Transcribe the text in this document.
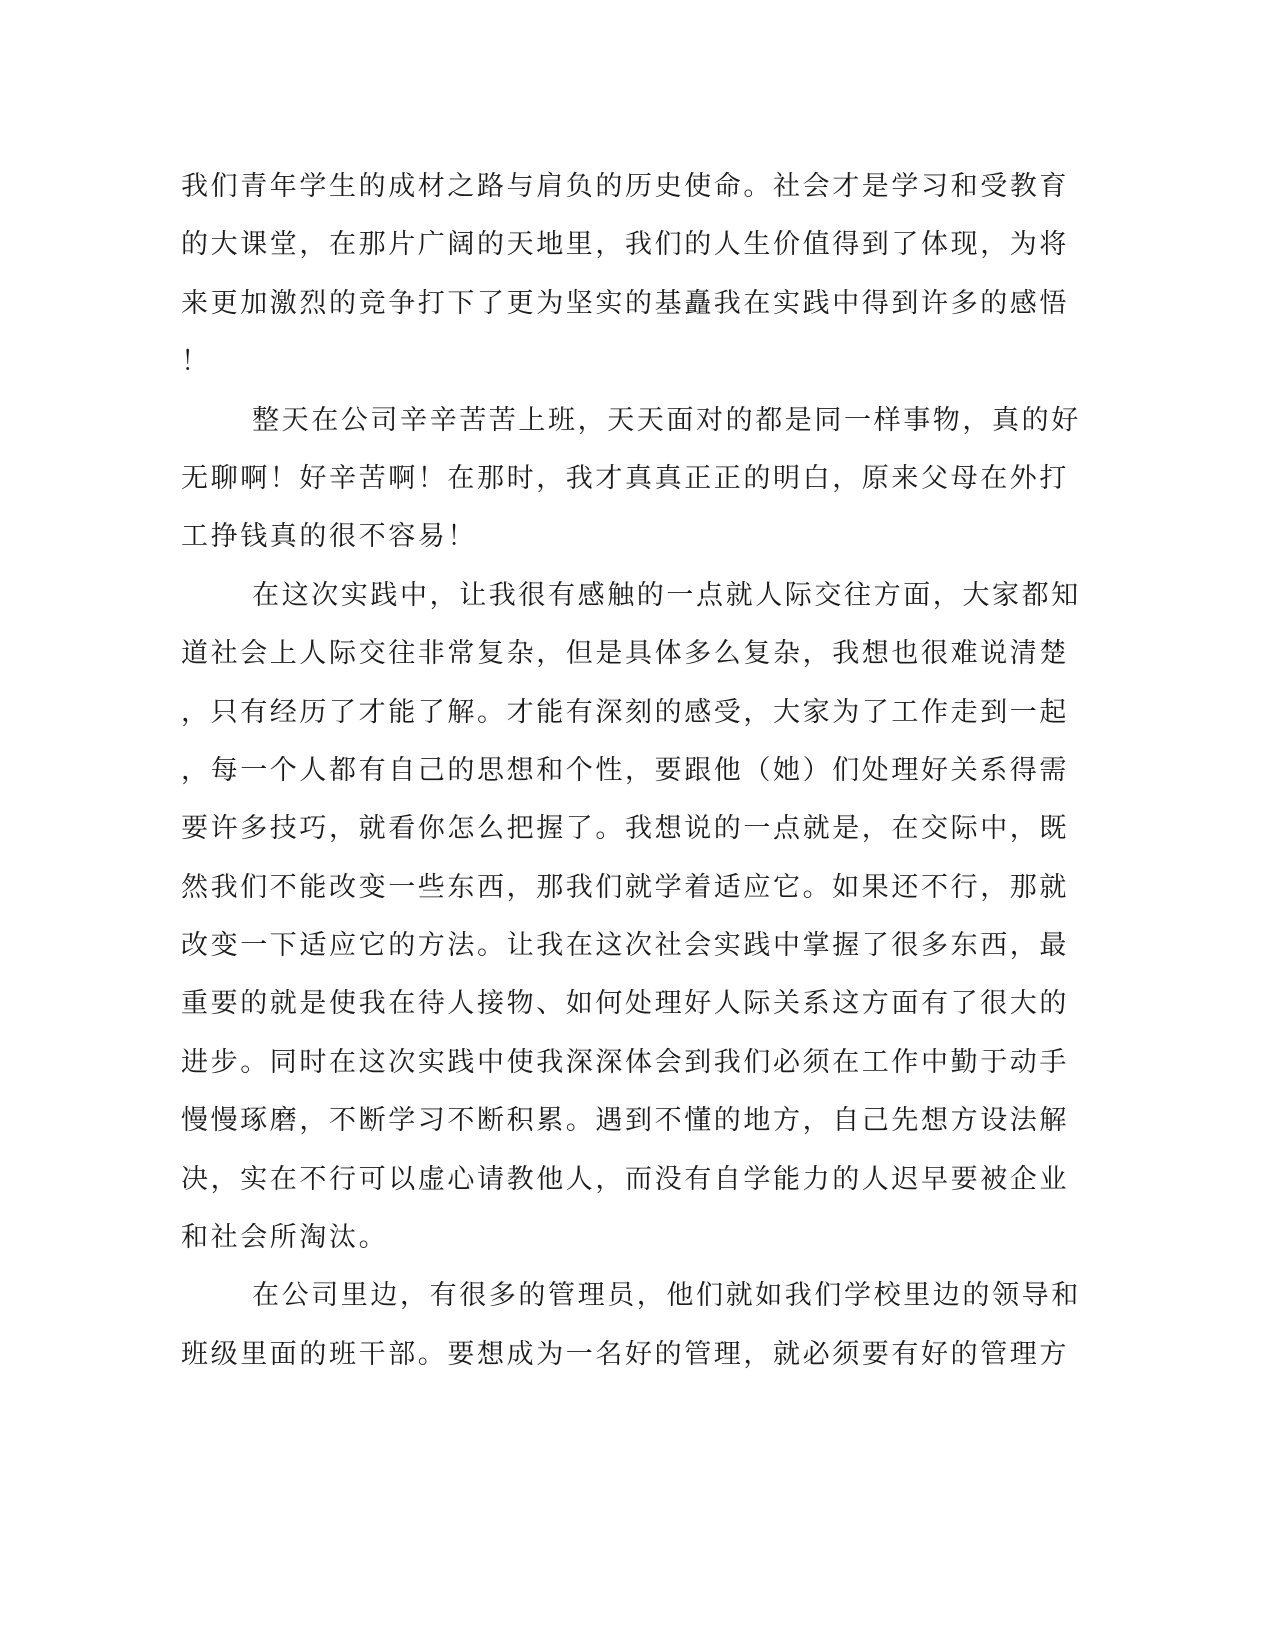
我们青年学生的成材之路与肩负的历史使命。社会才是学习和受教育
的大课堂，在那片广阔的天地里，我们的人生价值得到了体现，为将
来更加激烈的竞争打下了更为坚实的基矗我在实践中得到许多的感悟
！
整天在公司辛辛苦苦上班，天天面对的都是同一样事物，真的好
无聊啊！好辛苦啊！在那时，我才真真正正的明白，原来父母在外打
工挣钱真的很不容易！
在这次实践中，让我很有感触的一点就人际交往方面，大家都知
道社会上人际交往非常复杂，但是具体多么复杂，我想也很难说清楚
，只有经历了才能了解。才能有深刻的感受，大家为了工作走到一起
，每一个人都有自己的思想和个性，要跟他（她）们处理好关系得需
要许多技巧，就看你怎么把握了。我想说的一点就是，在交际中，既
然我们不能改变一些东西，那我们就学着适应它。如果还不行，那就
改变一下适应它的方法。让我在这次社会实践中掌握了很多东西，最
重要的就是使我在待人接物、如何处理好人际关系这方面有了很大的
进步。同时在这次实践中使我深深体会到我们必须在工作中勤于动手
慢慢琢磨，不断学习不断积累。遇到不懂的地方，自己先想方设法解
决，实在不行可以虚心请教他人，而没有自学能力的人迟早要被企业
和社会所淘汰。
在公司里边，有很多的管理员，他们就如我们学校里边的领导和
班级里面的班干部。要想成为一名好的管理，就必须要有好的管理方
